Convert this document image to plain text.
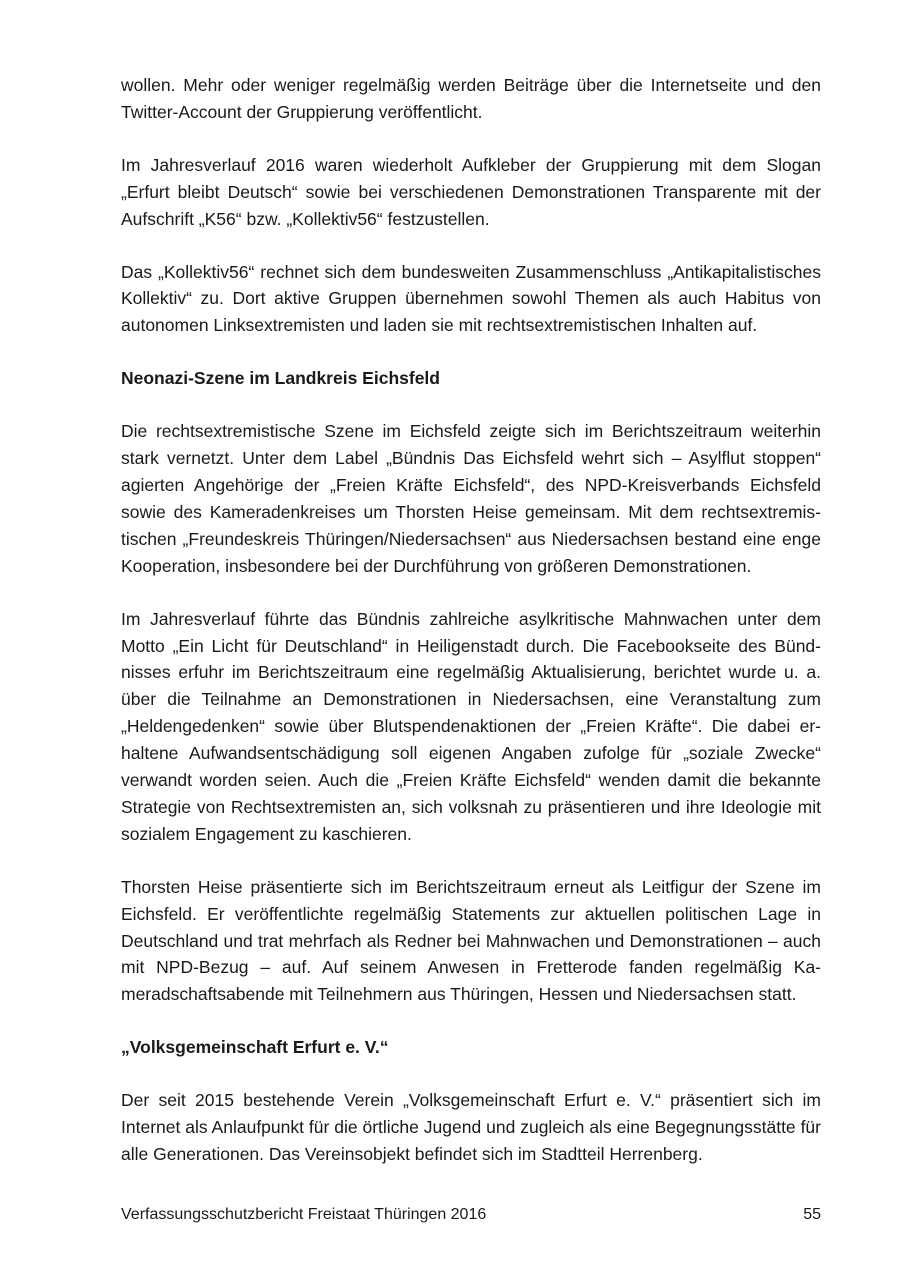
wollen. Mehr oder weniger regelmäßig werden Beiträge über die Internetseite und den Twitter-Account der Gruppierung veröffentlicht.

Im Jahresverlauf 2016 waren wiederholt Aufkleber der Gruppierung mit dem Slogan „Erfurt bleibt Deutsch“ sowie bei verschiedenen Demonstrationen Transparente mit der Aufschrift „K56“ bzw. „Kollektiv56“ festzustellen.

Das „Kollektiv56“ rechnet sich dem bundesweiten Zusammenschluss „Antikapitalistisches Kollektiv“ zu. Dort aktive Gruppen übernehmen sowohl Themen als auch Habitus von autonomen Linksextremisten und laden sie mit rechtsextremistischen Inhalten auf.

Neonazi-Szene im Landkreis Eichsfeld

Die rechtsextremistische Szene im Eichsfeld zeigte sich im Berichtszeitraum weiterhin stark vernetzt. Unter dem Label „Bündnis Das Eichsfeld wehrt sich – Asylflut stoppen“ agierten Angehörige der „Freien Kräfte Eichsfeld“, des NPD-Kreisverbands Eichsfeld sowie des Kameradenkreises um Thorsten Heise gemeinsam. Mit dem rechtsextremistischen „Freundeskreis Thüringen/Niedersachsen“ aus Niedersachsen bestand eine enge Kooperation, insbesondere bei der Durchführung von größeren Demonstrationen.

Im Jahresverlauf führte das Bündnis zahlreiche asylkritische Mahnwachen unter dem Motto „Ein Licht für Deutschland“ in Heiligenstadt durch. Die Facebookseite des Bündnisses erfuhr im Berichtszeitraum eine regelmäßig Aktualisierung, berichtet wurde u. a. über die Teilnahme an Demonstrationen in Niedersachsen, eine Veranstaltung zum „Heldengedenken“ sowie über Blutspendenaktionen der „Freien Kräfte“. Die dabei erhaltene Aufwandsentschädigung soll eigenen Angaben zufolge für „soziale Zwecke“ verwandt worden seien. Auch die „Freien Kräfte Eichsfeld“ wenden damit die bekannte Strategie von Rechtsextremisten an, sich volksnah zu präsentieren und ihre Ideologie mit sozialem Engagement zu kaschieren.

Thorsten Heise präsentierte sich im Berichtszeitraum erneut als Leitfigur der Szene im Eichsfeld. Er veröffentlichte regelmäßig Statements zur aktuellen politischen Lage in Deutschland und trat mehrfach als Redner bei Mahnwachen und Demonstrationen – auch mit NPD-Bezug – auf. Auf seinem Anwesen in Fretterode fanden regelmäßig Kameradschaftsabende mit Teilnehmern aus Thüringen, Hessen und Niedersachsen statt.

„Volksgemeinschaft Erfurt e. V.“

Der seit 2015 bestehende Verein „Volksgemeinschaft Erfurt e. V.“ präsentiert sich im Internet als Anlaufpunkt für die örtliche Jugend und zugleich als eine Begegnungsstätte für alle Generationen. Das Vereinsobjekt befindet sich im Stadtteil Herrenberg.

Verfassungsschutzbericht Freistaat Thüringen 2016	55
